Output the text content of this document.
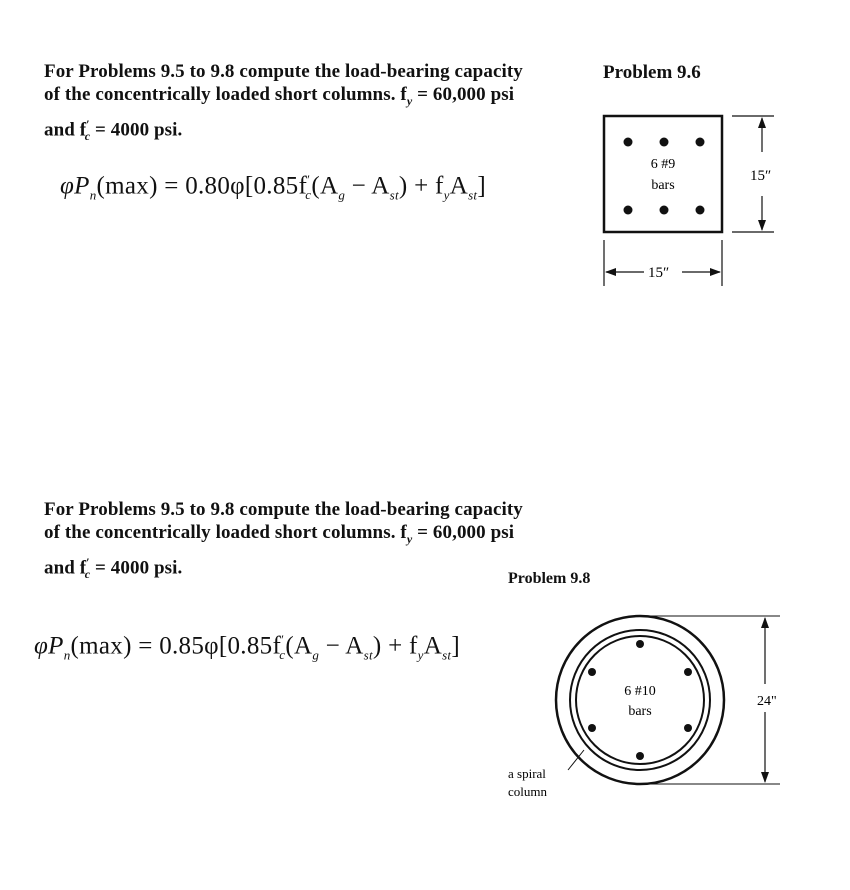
For Problems 9.5 to 9.8 compute the load-bearing capacity
of the concentrically loaded short columns. $f_y = 60,000$ psi
and $f'_c = 4000$ psi.
$\varphi P_n(\max) = 0.80\varphi[0.85f'_c(A_g - A_{st}) + f_yA_{st}]$
Problem 9.6
6 #9
bars
15″
15″
For Problems 9.5 to 9.8 compute the load-bearing capacity
of the concentrically loaded short columns. $f_y = 60,000$ psi
and $f'_c = 4000$ psi.
Problem 9.8
$\varphi P_n(\max) = 0.85\varphi[0.85f'_c(A_g - A_{st}) + f_yA_{st}]$
6 #10
bars
24"
a spiral
column
